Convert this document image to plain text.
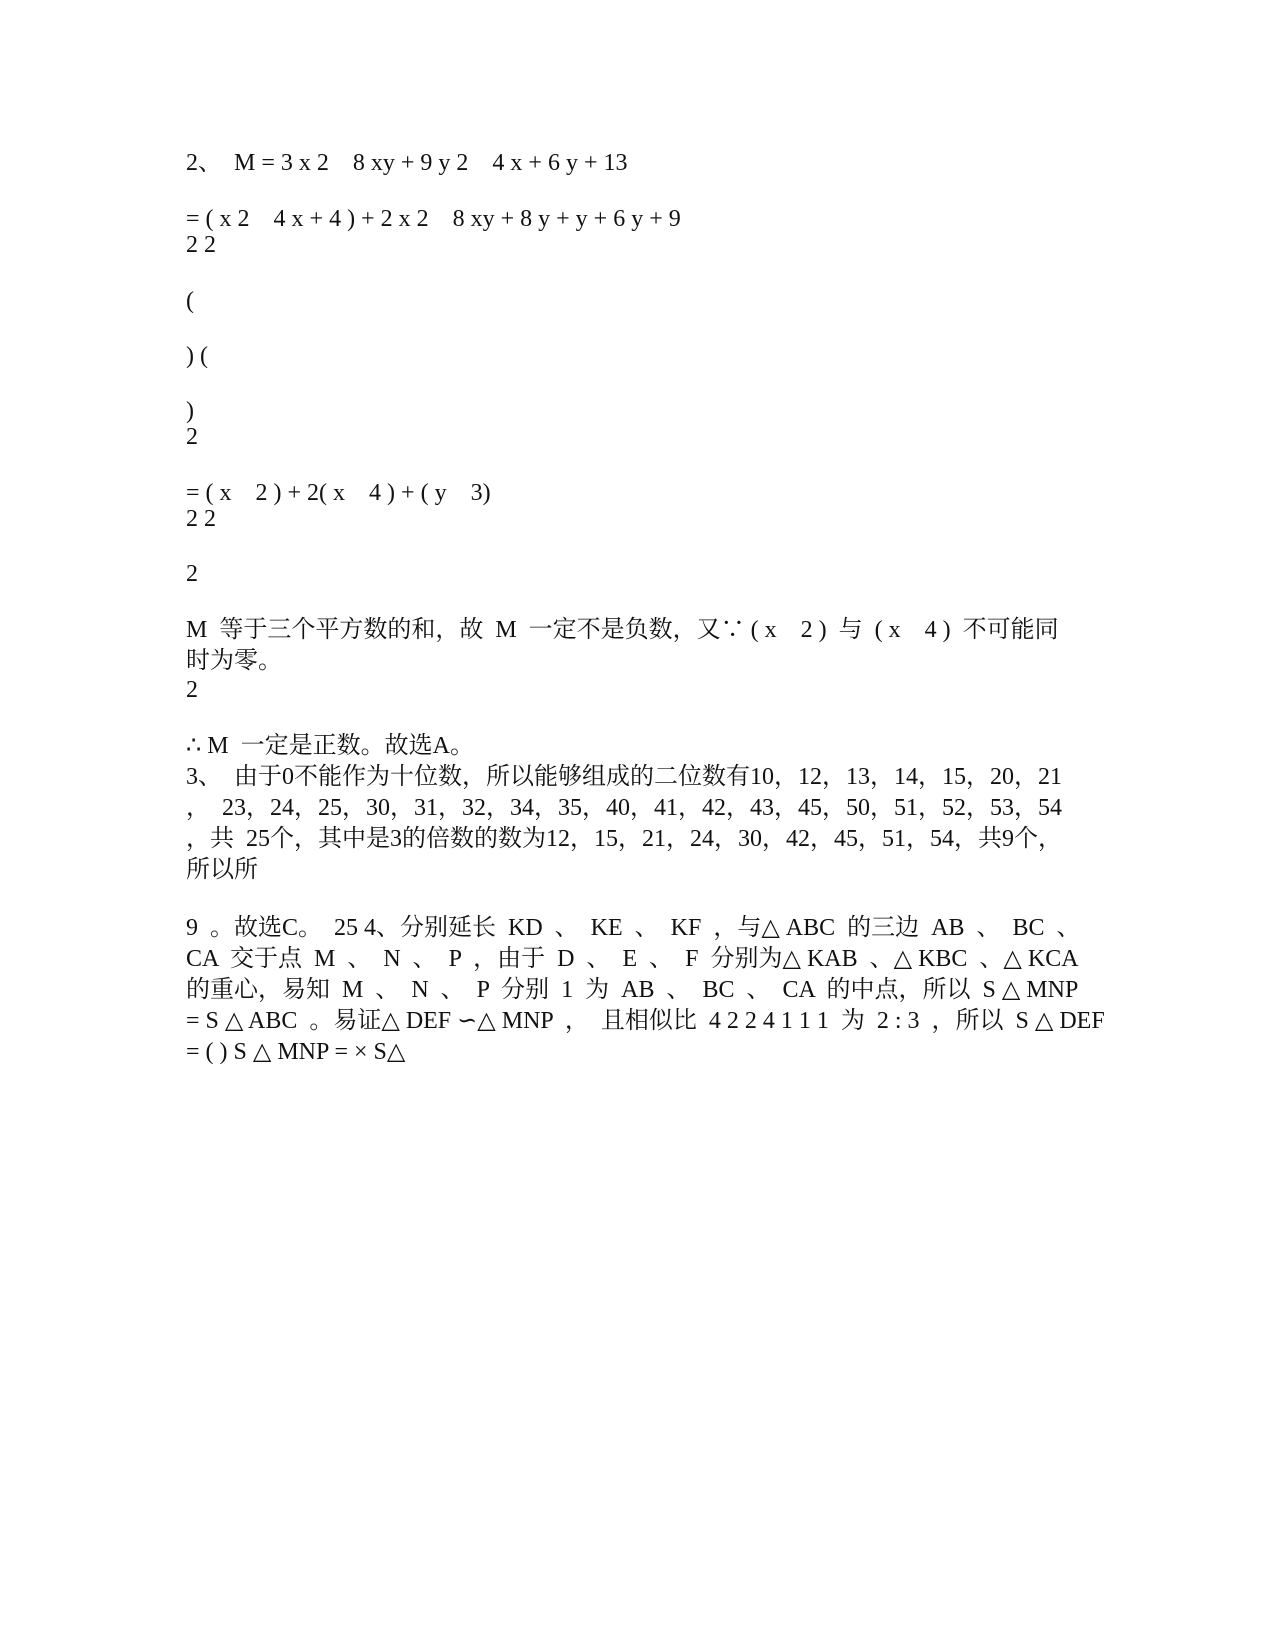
2、  M = 3 x 2    8 xy + 9 y 2    4 x + 6 y + 13
= ( x 2    4 x + 4 ) + 2 x 2    8 xy + 8 y + y + 6 y + 9
2 2
(
) (
)
2
= ( x    2 ) + 2( x    4 ) + ( y    3)
2 2
2
M  等于三个平方数的和，故  M  一定不是负数，又∵ ( x    2 )  与  ( x    4 )  不可能同
时为零。
2
∴ M  一定是正数。故选A。
3、  由于0不能作为十位数，所以能够组成的二位数有10，12，13，14，15，20，21
，  23，24，25，30，31，32，34，35，40，41，42，43，45，50，51，52，53，54
，共  25个，其中是3的倍数的数为12，15，21，24，30，42，45，51，54，共9个，
所以所
9  。故选C。  25 4、分别延长  KD  、  KE  、  KF  ，与△ ABC  的三边  AB  、  BC  、
CA  交于点  M  、  N  、  P  ，由于  D  、  E  、  F  分别为△ KAB  、△ KBC  、△ KCA
的重心，易知  M  、  N  、  P  分别  1  为  AB  、  BC  、  CA  的中点，所以  S △ MNP
= S △ ABC  。易证△ DEF ∽△ MNP  ，  且相似比  4 2 2 4 1 1 1  为  2 : 3  ，所以  S △ DEF
= ( ) S △ MNP = × S△
